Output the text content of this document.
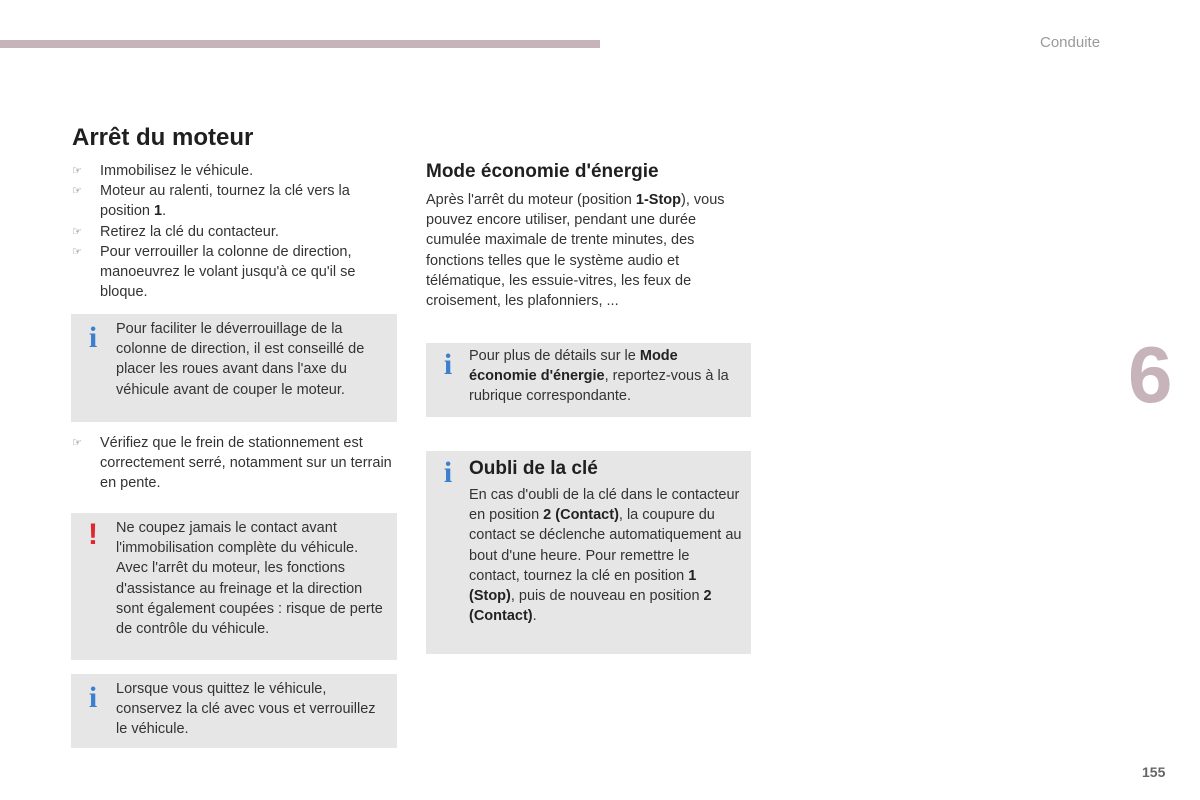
Conduite
6
155
Arrêt du moteur
☞ Immobilisez le véhicule.
☞ Moteur au ralenti, tournez la clé vers la position 1.
☞ Retirez la clé du contacteur.
☞ Pour verrouiller la colonne de direction, manoeuvrez le volant jusqu'à ce qu'il se bloque.
i Pour faciliter le déverrouillage de la colonne de direction, il est conseillé de placer les roues avant dans l'axe du véhicule avant de couper le moteur.
☞ Vérifiez que le frein de stationnement est correctement serré, notamment sur un terrain en pente.
! Ne coupez jamais le contact avant l'immobilisation complète du véhicule. Avec l'arrêt du moteur, les fonctions d'assistance au freinage et la direction sont également coupées : risque de perte de contrôle du véhicule.
i Lorsque vous quittez le véhicule, conservez la clé avec vous et verrouillez le véhicule.
Mode économie d'énergie
Après l'arrêt du moteur (position 1-Stop), vous pouvez encore utiliser, pendant une durée cumulée maximale de trente minutes, des fonctions telles que le système audio et télématique, les essuie-vitres, les feux de croisement, les plafonniers, ...
i Pour plus de détails sur le Mode économie d'énergie, reportez-vous à la rubrique correspondante.
i Oubli de la clé
En cas d'oubli de la clé dans le contacteur en position 2 (Contact), la coupure du contact se déclenche automatiquement au bout d'une heure. Pour remettre le contact, tournez la clé en position 1 (Stop), puis de nouveau en position 2 (Contact).
